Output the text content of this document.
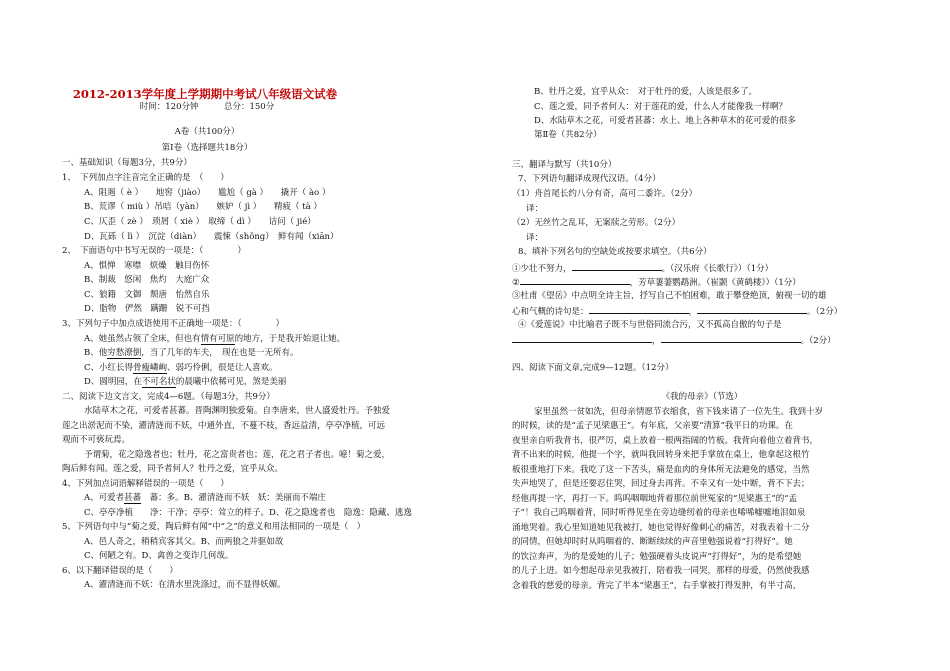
2012-2013学年度上学期期中考试八年级语文试卷
时间：120分钟　　　总分：150分
A卷（共100分）
第Ⅰ卷（选择题共18分）
一、基础知识（每题3分，共9分）
1、　下列加点字注音完全正确的是　（　　）
A、阻遏（ è ）　　地窖（jiào）　　尴尬（ gà ）　　撬开（ ào ）
B、荒谬（ miù ）吊唁（yàn）　　嫉妒（ jì ）　　精疲（ tà ）
C、仄歪（ zè ）　琐屑（ xiè ）　取缔（ dì ）　　诘问（ jié）
D、瓦砾（ lì ）　沉淀（diàn）　　震悚（shǒng）　鲜有闻（xiān）
2、　下面语句中书写无误的一项是：（　　　　）
A、惧惮　寒噤　烦燥　触目伤怀
B、制裁　悠闲　焦灼　大庭广众
C、狼籍　文御　颓唐　怡然自乐
D、脂物　俨然　蹒跚　锐不可挡
3、下列句子中加点成语使用不正确地一项是：（　　　　）
A、她虽然占领了全床，但也有情有可原的地方，于是我开始退让她。
B、他穷愁潦倒，当了几年的车夫，　现在也是一无所有。
C、小红长得骨瘦嶙峋、弱巧伶俐，很是让人喜欢。
D、圆明园，在不可名状的晨曦中依稀可见，煞是美丽
二、阅读下边文言文，完成4—6题。（每题3分，共9分）
水陆草木之花，可爱者甚蕃。晋陶渊明独爱菊。自李唐来，世人盛爱牡丹。予独爱
莲之出淤泥而不染，濯清涟而不妖，中通外直，不蔓不枝，香远益清，亭亭净植，可远
观而不可亵玩焉。
予谓菊，花之隐逸者也；牡丹，花之富贵者也；莲，花之君子者也。噫！菊之爱，
陶后鲜有闻。莲之爱，同予者何人？牡丹之爱，宜乎从众。
4、下列加点词语解释错误的一项是（　　）
A、可爱者甚蕃　蕃：多。B、濯清涟而不妖　妖：美丽而不端庄
C、亭亭净植　　净：干净；亭亭：耸立的样子。D、花之隐逸者也　隐逸：隐藏、逃逸
5、下列语句中与“菊之爱，陶后鲜有闻”中“之”的意义和用法相同的一项是（　）
A、邑人奇之，稍稍宾客其父。B、而两狼之并驱如故
C、何陋之有。D、禽兽之变诈几何哉。
6、以下翻译错误的是（　　）
A、濯清涟而不妖：在清水里洗涤过，而不显得妖媚。
B、牡丹之爱，宜乎从众：　对于牡丹的爱，人该是很多了。
C、莲之爱，同予者何人：对于莲花的爱，什么人才能像我一样啊？
D、水陆草木之花，可爱者甚蕃：水上、地上各种草木的花可爱的很多
第Ⅱ卷（共82分）
三、翻译与默写（共10分）
7、下列语句翻译成现代汉语。（4分）
（1）舟首尾长约八分有奇，高可二黍许。（2分）
译：
（2）无丝竹之乱耳，无案牍之劳形。（2分）
译：
8、填补下列名句的空缺处或按要求填空。（共6分）
①少壮不努力，	。（汉乐府《长歌行》）（1分）
②	，芳草萋萋鹦鹉洲。（崔颢《黄鹤楼》）（1分）
③杜甫《望岳》中点明全诗主旨，抒写自己不怕困难，敢于攀登绝顶，俯视一切的雄
心和气概的诗句是：	，	。（2分）
④《爱莲说》中比喻君子既不与世俗同流合污，又不孤高自傲的句子是
，	。（2分）
四、阅读下面文章,完成9—12题。（12分）
《我的母亲》（节选）
家里虽然一贫如洗，但母亲情愿节衣缩食，省下钱来请了一位先生。我到十岁
的时候，读的是“孟子见梁惠王”。有年底，父亲要“清算”我平日的功课。在
夜里亲自听我背书，很严厉，桌上放着一根两指阔的竹板。我背向着他立着背书，
背不出来的时候，他提一个字，就叫我回转身来把手掌放在桌上，他拿起这根竹
板很重地打下来。我吃了这一下苦头，痛是血肉的身体所无法避免的感觉，当然
失声地哭了，但是还要忍住哭，回过身去再背。不幸又有一处中断，背不下去；
经他再提一字，再打一下。呜呜咽咽地背着那位前世冤家的“见梁惠王”的“孟
子”！我自己呜咽着背，同时听得见坐在旁边缝纫着的母亲也唏唏嘘嘘地泪如泉
涌地哭着。我心里知道她见我被打，她也觉得好像刺心的痛苦，对我表着十二分
的同情，但她却时时从呜咽着的、断断续续的声音里勉强说着“打得好”。她
的饮泣奔声，为的是爱她的儿子；勉强硬着头皮说声“打得好”，为的是希望她
的儿子上进。如今想起母亲见我被打，陪着我一同哭，那样的母爱，仍然使我感
念着我的慈爱的母亲。背完了半本“梁惠王”，右手掌被打得发肿，有半寸高，
